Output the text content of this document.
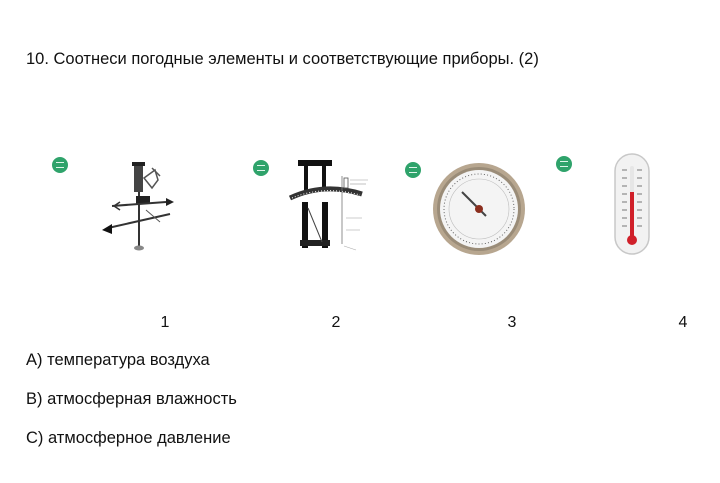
10. Соотнеси погодные элементы и соответствующие приборы. (2)
1	2	3	4
A) температура воздуха
B) атмосферная влажность
C) атмосферное давление
